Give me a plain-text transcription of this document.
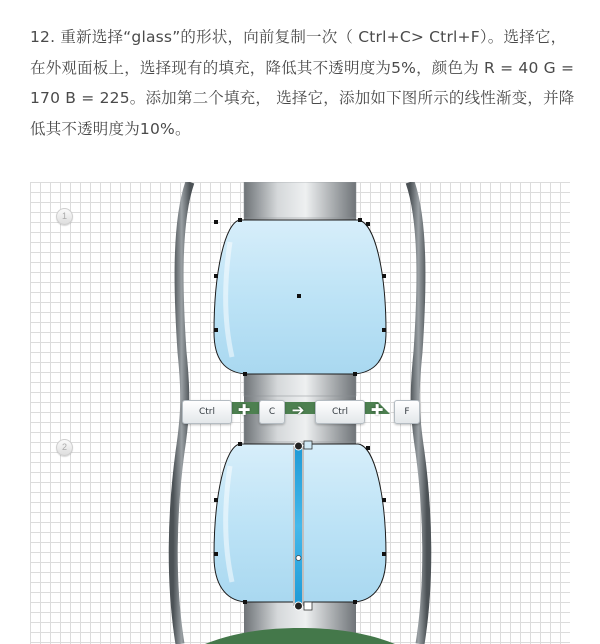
12. 重新选择“glass”的形状，向前复制一次（ Ctrl+C> Ctrl+F）。选择它，在外观面板上，选择现有的填充，降低其不透明度为5%，颜色为 R = 40 G = 170 B = 225。添加第二个填充， 选择它，添加如下图所示的线性渐变，并降低其不透明度为10%。

1
2
Ctrl	✚	C	➔	Ctrl	✚	F
